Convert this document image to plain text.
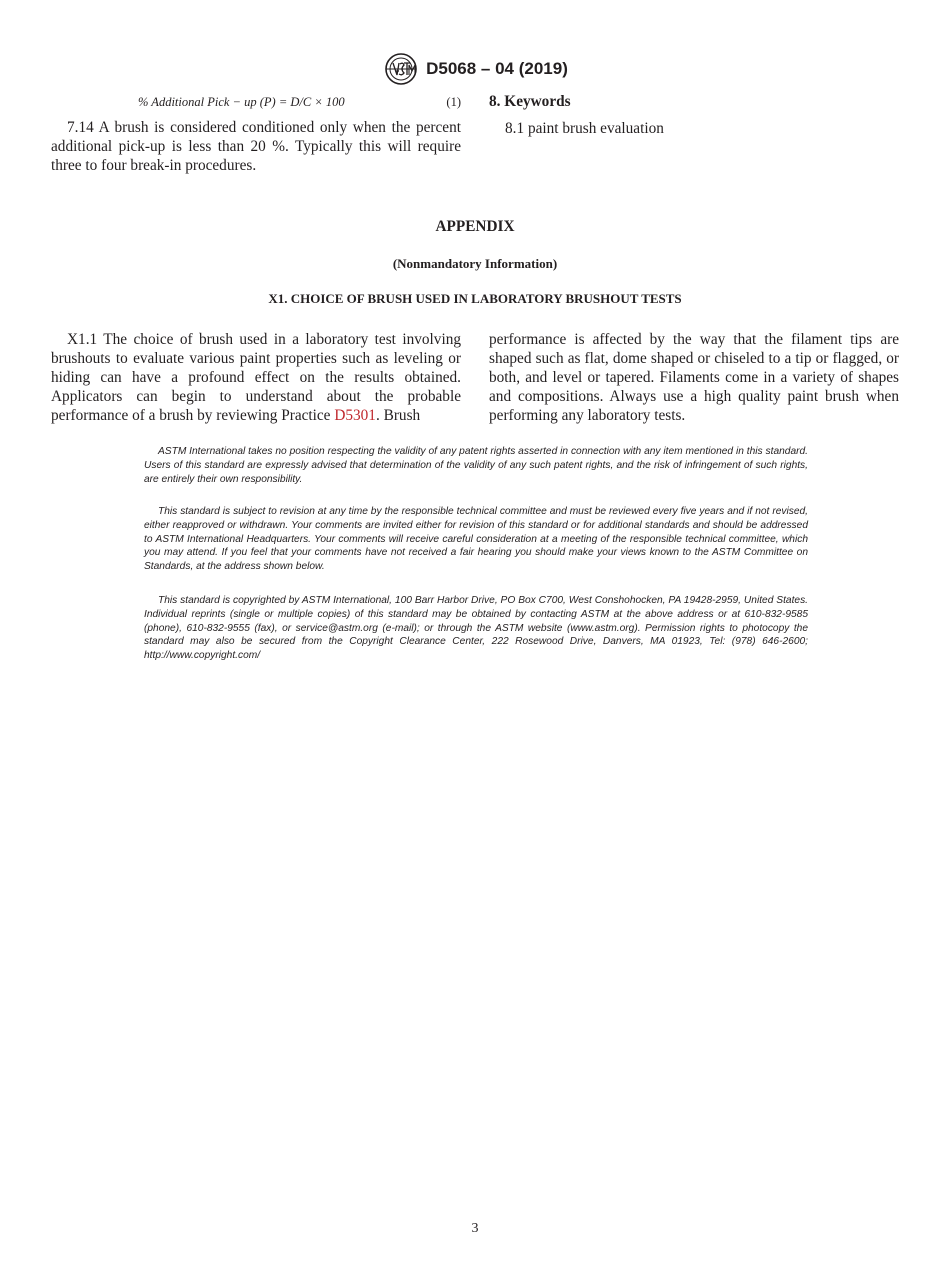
D5068 – 04 (2019)
% Additional Pick − up (P) = D/C × 100	(1)

7.14 A brush is considered conditioned only when the percent additional pick-up is less than 20 %. Typically this will require three to four break-in procedures.

8. Keywords
8.1 paint brush evaluation
APPENDIX
(Nonmandatory Information)
X1. CHOICE OF BRUSH USED IN LABORATORY BRUSHOUT TESTS

X1.1 The choice of brush used in a laboratory test involving brushouts to evaluate various paint properties such as leveling or hiding can have a profound effect on the results obtained. Applicators can begin to understand about the probable performance of a brush by reviewing Practice D5301. Brush

performance is affected by the way that the filament tips are shaped such as flat, dome shaped or chiseled to a tip or flagged, or both, and level or tapered. Filaments come in a variety of shapes and compositions. Always use a high quality paint brush when performing any laboratory tests.

ASTM International takes no position respecting the validity of any patent rights asserted in connection with any item mentioned in this standard. Users of this standard are expressly advised that determination of the validity of any such patent rights, and the risk of infringement of such rights, are entirely their own responsibility.

This standard is subject to revision at any time by the responsible technical committee and must be reviewed every five years and if not revised, either reapproved or withdrawn. Your comments are invited either for revision of this standard or for additional standards and should be addressed to ASTM International Headquarters. Your comments will receive careful consideration at a meeting of the responsible technical committee, which you may attend. If you feel that your comments have not received a fair hearing you should make your views known to the ASTM Committee on Standards, at the address shown below.

This standard is copyrighted by ASTM International, 100 Barr Harbor Drive, PO Box C700, West Conshohocken, PA 19428-2959, United States. Individual reprints (single or multiple copies) of this standard may be obtained by contacting ASTM at the above address or at 610-832-9585 (phone), 610-832-9555 (fax), or service@astm.org (e-mail); or through the ASTM website (www.astm.org). Permission rights to photocopy the standard may also be secured from the Copyright Clearance Center, 222 Rosewood Drive, Danvers, MA 01923, Tel: (978) 646-2600; http://www.copyright.com/

3
